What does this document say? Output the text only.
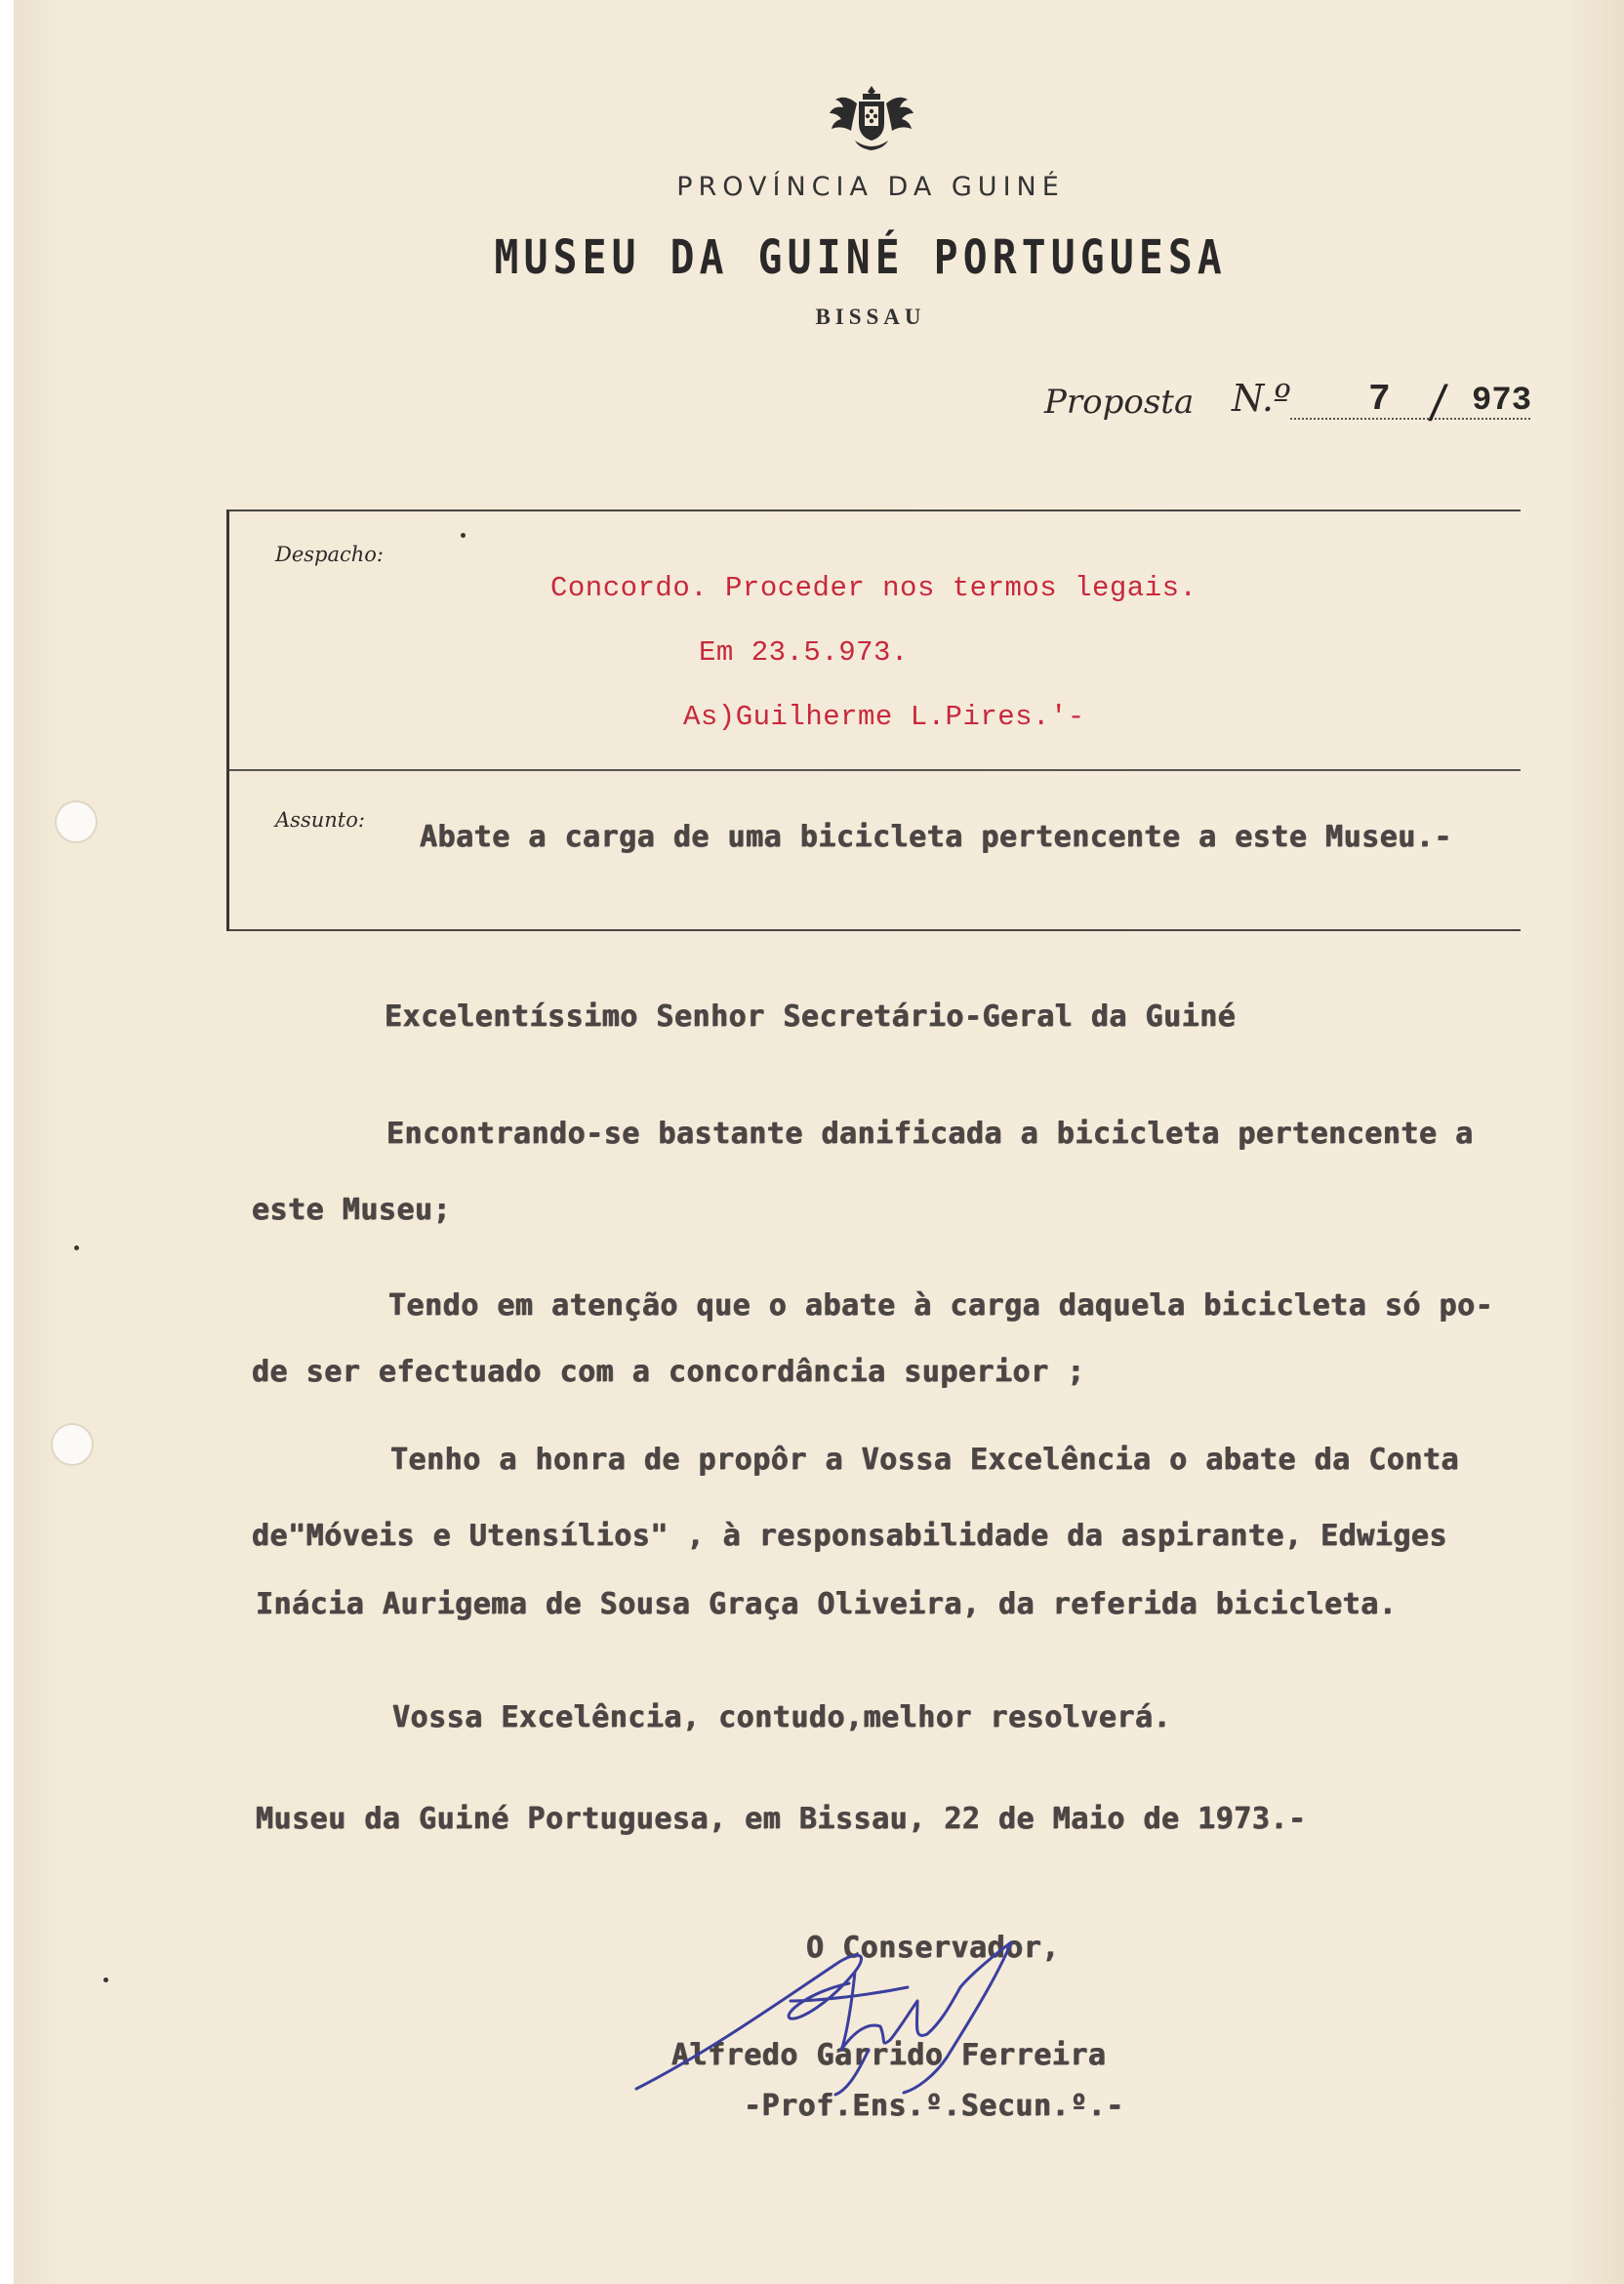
PROVÍNCIA DA GUINÉ
MUSEU DA GUINÉ PORTUGUESA
BISSAU
Proposta N.º 7 / 973
Despacho:
Concordo. Proceder nos termos legais.
Em 23.5.973.
As)Guilherme L.Pires.'-
Assunto: Abate a carga de uma bicicleta pertencente a este Museu.-
Excelentíssimo Senhor Secretário-Geral da Guiné
Encontrando-se bastante danificada a bicicleta pertencente a
este Museu;
Tendo em atenção que o abate à carga daquela bicicleta só po-
de ser efectuado com a concordância superior ;
Tenho a honra de propôr a Vossa Excelência o abate da Conta
de"Móveis e Utensílios" , à responsabilidade da aspirante, Edwiges
Inácia Aurigema de Sousa Graça Oliveira, da referida bicicleta.
Vossa Excelência, contudo,melhor resolverá.
Museu da Guiné Portuguesa, em Bissau, 22 de Maio de 1973.-
O Conservador,
Alfredo Garrido Ferreira
-Prof.Ens.º.Secun.º.-
